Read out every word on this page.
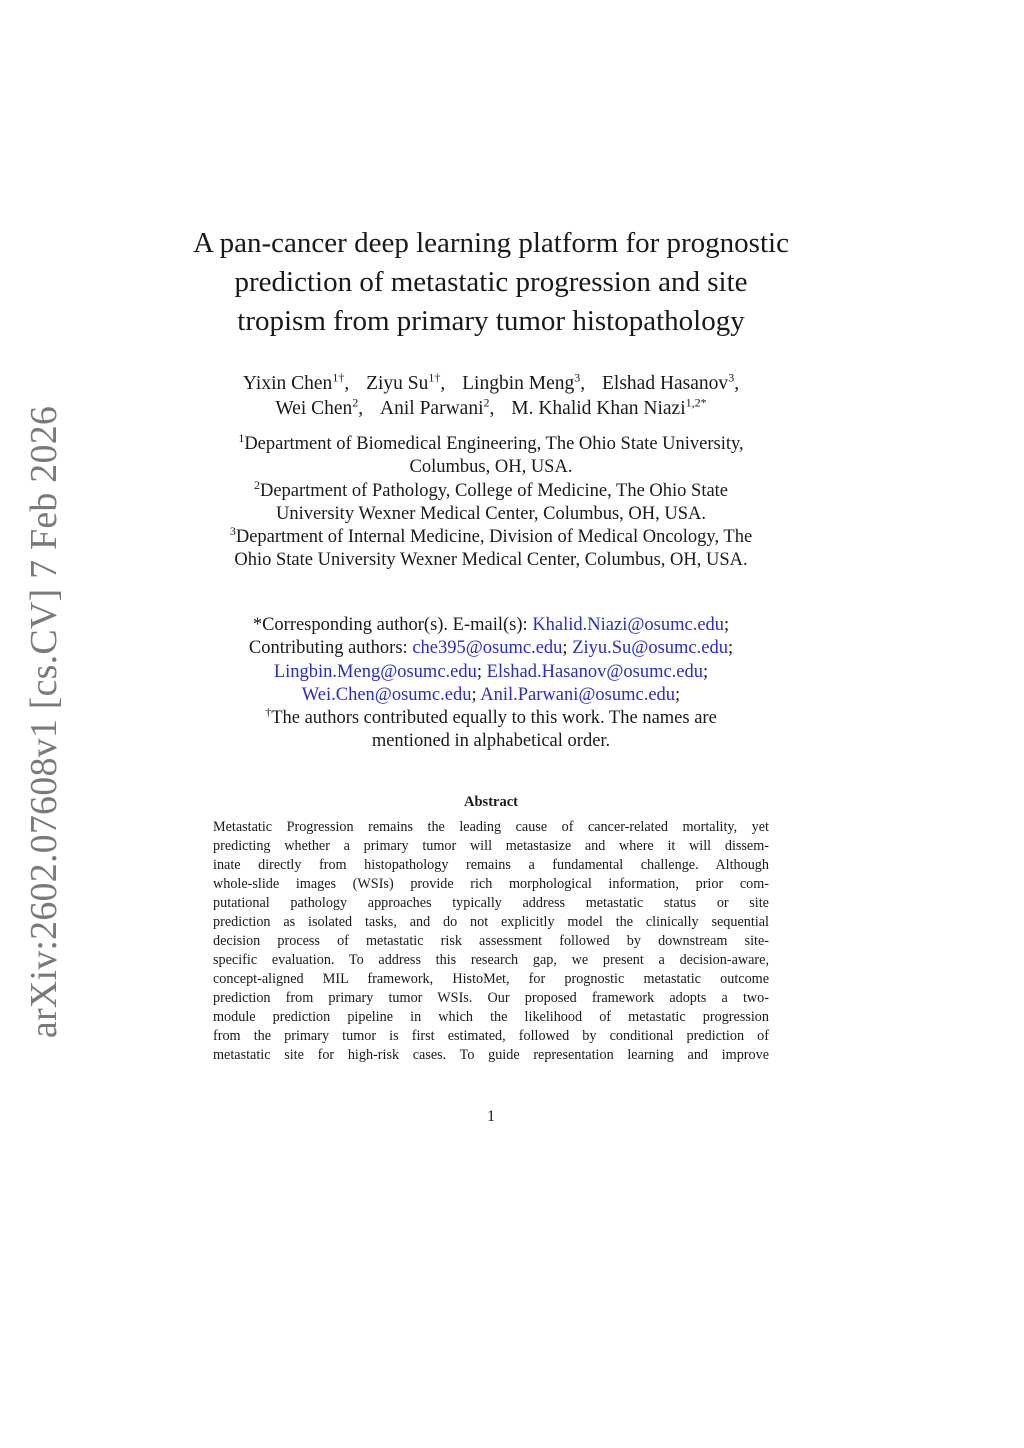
arXiv:2602.07608v1 [cs.CV] 7 Feb 2026
A pan-cancer deep learning platform for prognostic
prediction of metastatic progression and site
tropism from primary tumor histopathology
Yixin Chen$^{1\dagger}$, Ziyu $Su^{1\dagger}$, Lingbin Meng$^3$, Elshad Hasanov$^3$,
Wei Chen$^2$, Anil Parwani$^2$, M. Khalid Khan Niazi$^{1,2*}$
$^1$Department of Biomedical Engineering, The Ohio State University,
Columbus, OH, USA.
$^2$Department of Pathology, College of Medicine, The Ohio State
University Wexner Medical Center, Columbus, OH, USA.
$^3$Department of Internal Medicine, Division of Medical Oncology, The
Ohio State University Wexner Medical Center, Columbus, OH, USA.
*Corresponding author(s). E-mail(s): Khalid.Niazi@osumc.edu;
Contributing authors: che395@osumc.edu; Ziyu.Su@osumc.edu;
Lingbin.Meng@osumc.edu; Elshad.Hasanov@osumc.edu;
Wei.Chen@osumc.edu; Anil.Parwani@osumc.edu;
†The authors contributed equally to this work. The names are
mentioned in alphabetical order.
Abstract
Metastatic Progression remains the leading cause of cancer-related mortality, yet
predicting whether a primary tumor will metastasize and where it will dissem-
inate directly from histopathology remains a fundamental challenge. Although
whole-slide images (WSIs) provide rich morphological information, prior com-
putational pathology approaches typically address metastatic status or site
prediction as isolated tasks, and do not explicitly model the clinically sequential
decision process of metastatic risk assessment followed by downstream site-
specific evaluation. To address this research gap, we present a decision-aware,
concept-aligned MIL framework, HistoMet, for prognostic metastatic outcome
prediction from primary tumor WSIs. Our proposed framework adopts a two-
module prediction pipeline in which the likelihood of metastatic progression
from the primary tumor is first estimated, followed by conditional prediction of
metastatic site for high-risk cases. To guide representation learning and improve
1
